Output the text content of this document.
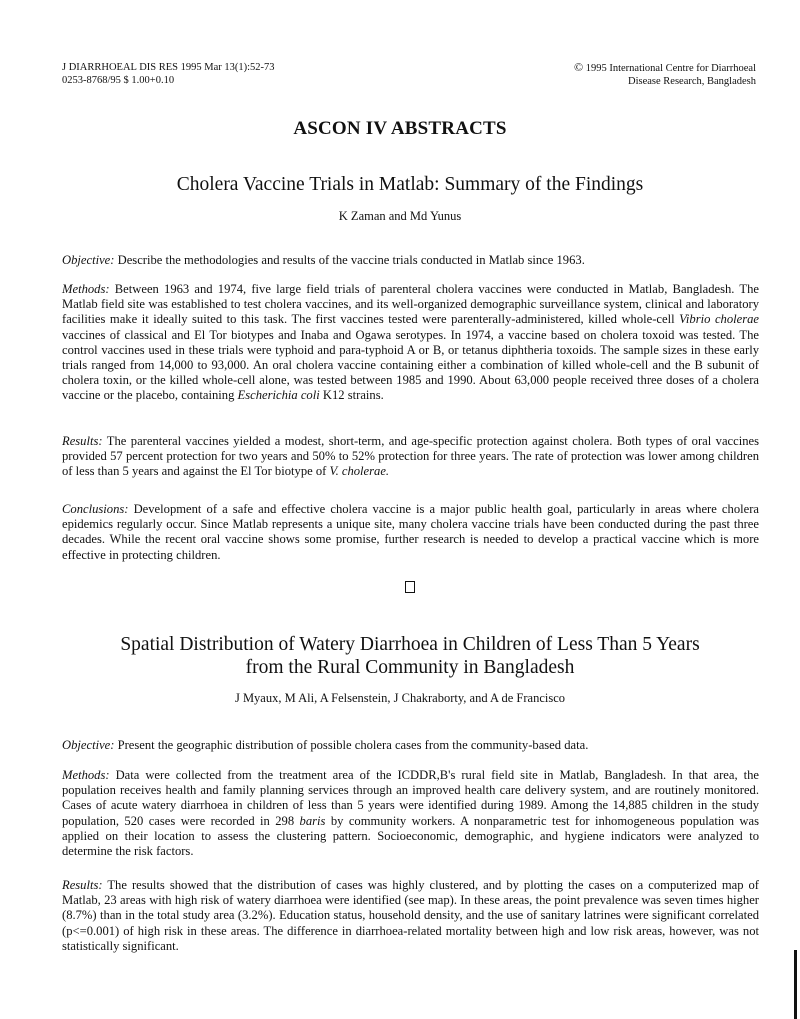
J DIARRHOEAL DIS RES 1995 Mar 13(1):52-73
0253-8768/95 $ 1.00+0.10
© 1995 International Centre for Diarrhoeal
Disease Research, Bangladesh
ASCON IV ABSTRACTS
Cholera Vaccine Trials in Matlab: Summary of the Findings
K Zaman and Md Yunus
Objective: Describe the methodologies and results of the vaccine trials conducted in Matlab since 1963.
Methods: Between 1963 and 1974, five large field trials of parenteral cholera vaccines were conducted in Matlab, Bangladesh. The Matlab field site was established to test cholera vaccines, and its well-organized demographic surveillance system, clinical and laboratory facilities make it ideally suited to this task. The first vaccines tested were parenterally-administered, killed whole-cell Vibrio cholerae vaccines of classical and El Tor biotypes and Inaba and Ogawa serotypes. In 1974, a vaccine based on cholera toxoid was tested. The control vaccines used in these trials were typhoid and para-typhoid A or B, or tetanus diphtheria toxoids. The sample sizes in these early trials ranged from 14,000 to 93,000. An oral cholera vaccine containing either a combination of killed whole-cell and the B subunit of cholera toxin, or the killed whole-cell alone, was tested between 1985 and 1990. About 63,000 people received three doses of a cholera vaccine or the placebo, containing Escherichia coli K12 strains.
Results: The parenteral vaccines yielded a modest, short-term, and age-specific protection against cholera. Both types of oral vaccines provided 57 percent protection for two years and 50% to 52% protection for three years. The rate of protection was lower among children of less than 5 years and against the El Tor biotype of V. cholerae.
Conclusions: Development of a safe and effective cholera vaccine is a major public health goal, particularly in areas where cholera epidemics regularly occur. Since Matlab represents a unique site, many cholera vaccine trials have been conducted during the past three decades. While the recent oral vaccine shows some promise, further research is needed to develop a practical vaccine which is more effective in protecting children.
Spatial Distribution of Watery Diarrhoea in Children of Less Than 5 Years
from the Rural Community in Bangladesh
J Myaux, M Ali, A Felsenstein, J Chakraborty, and A de Francisco
Objective: Present the geographic distribution of possible cholera cases from the community-based data.
Methods: Data were collected from the treatment area of the ICDDR,B's rural field site in Matlab, Bangladesh. In that area, the population receives health and family planning services through an improved health care delivery system, and are routinely monitored. Cases of acute watery diarrhoea in children of less than 5 years were identified during 1989. Among the 14,885 children in the study population, 520 cases were recorded in 298 baris by community workers. A nonparametric test for inhomogeneous population was applied on their location to assess the clustering pattern. Socioeconomic, demographic, and hygiene indicators were analyzed to determine the risk factors.
Results: The results showed that the distribution of cases was highly clustered, and by plotting the cases on a computerized map of Matlab, 23 areas with high risk of watery diarrhoea were identified (see map). In these areas, the point prevalence was seven times higher (8.7%) than in the total study area (3.2%). Education status, household density, and the use of sanitary latrines were significant correlated (p<=0.001) of high risk in these areas. The difference in diarrhoea-related mortality between high and low risk areas, however, was not statistically significant.
